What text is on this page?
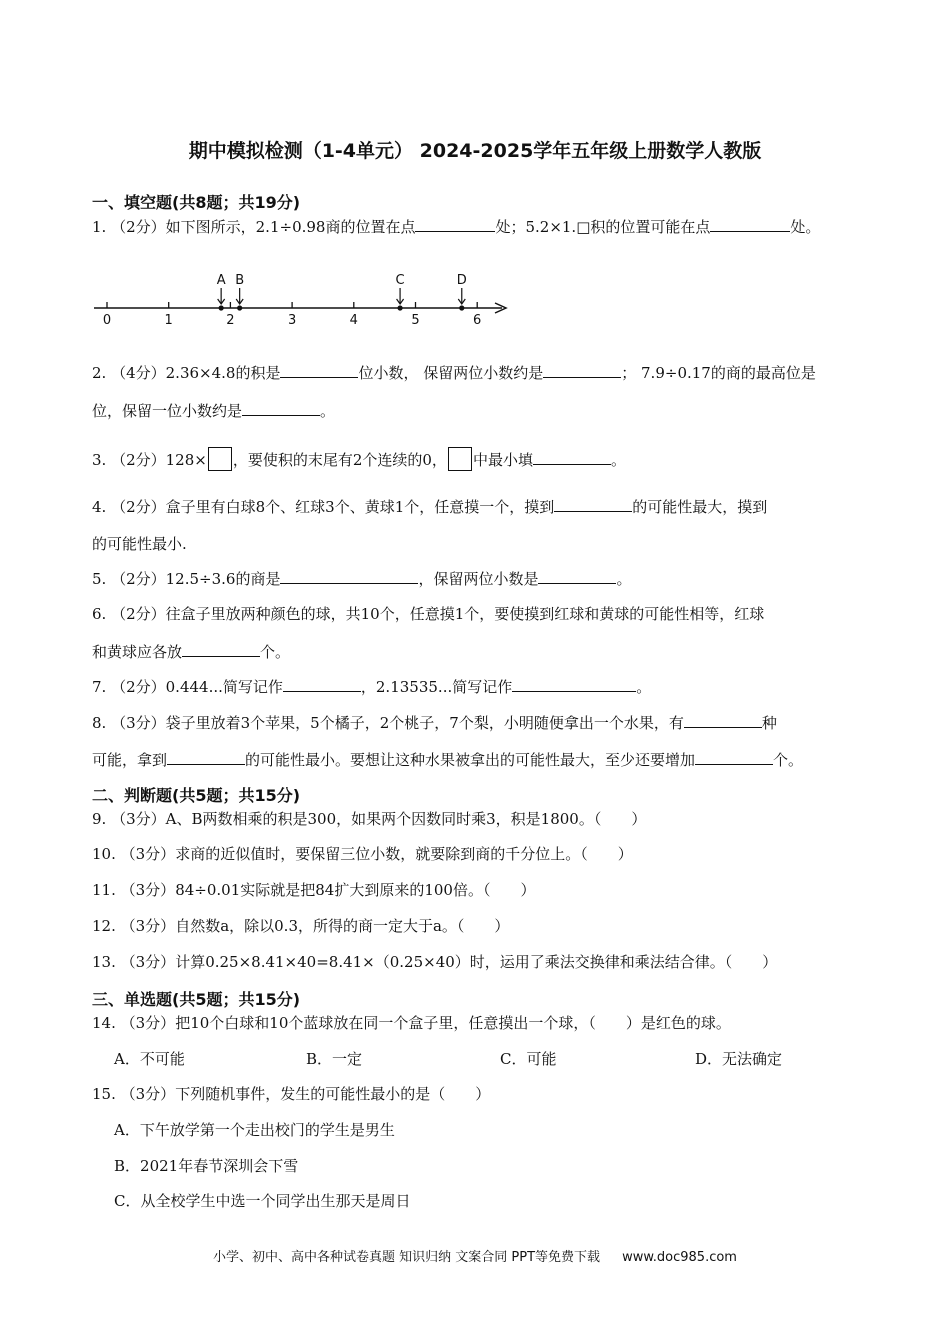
期中模拟检测（1-4单元） 2024-2025学年五年级上册数学人教版
一、填空题(共8题；共19分)
1. （2分）如下图所示，2.1÷0.98商的位置在点	处；5.2×1.□积的位置可能在点	处。
0	1	2	3	4	5	6
A B	C	D
2. （4分）2.36×4.8的积是	位小数， 保留两位小数约是	； 7.9÷0.17的商的最高位是
位，保留一位小数约是	。
3. （2分）128× ，要使积的末尾有2个连续的0， 中最小填	。
4. （2分）盒子里有白球8个、红球3个、黄球1个，任意摸一个，摸到	的可能性最大，摸到
的可能性最小.
5. （2分）12.5÷3.6的商是	，保留两位小数是	。
6. （2分）往盒子里放两种颜色的球，共10个，任意摸1个，要使摸到红球和黄球的可能性相等，红球
和黄球应各放	个。
7. （2分）0.444...简写记作	，2.13535...简写记作	。
8. （3分）袋子里放着3个苹果，5个橘子，2个桃子，7个梨，小明随便拿出一个水果，有	种
可能，拿到	的可能性最小。要想让这种水果被拿出的可能性最大，至少还要增加	个。
二、判断题(共5题；共15分)
9. （3分）A、B两数相乘的积是300，如果两个因数同时乘3，积是1800。（　　）
10. （3分）求商的近似值时，要保留三位小数，就要除到商的千分位上。（　　）
11. （3分）84÷0.01实际就是把84扩大到原来的100倍。（　　）
12. （3分）自然数a，除以0.3，所得的商一定大于a。（　　）
13. （3分）计算0.25×8.41×40=8.41×（0.25×40）时，运用了乘法交换律和乘法结合律。（　　）
三、单选题(共5题；共15分)
14. （3分）把10个白球和10个蓝球放在同一个盒子里，任意摸出一个球，（　　）是红色的球。
A．不可能	B．一定	C．可能	D．无法确定
15. （3分）下列随机事件，发生的可能性最小的是（　　）
A．下午放学第一个走出校门的学生是男生
B．2021年春节深圳会下雪
C．从全校学生中选一个同学出生那天是周日
小学、初中、高中各种试卷真题 知识归纳 文案合同 PPT等免费下载 www.doc985.com
